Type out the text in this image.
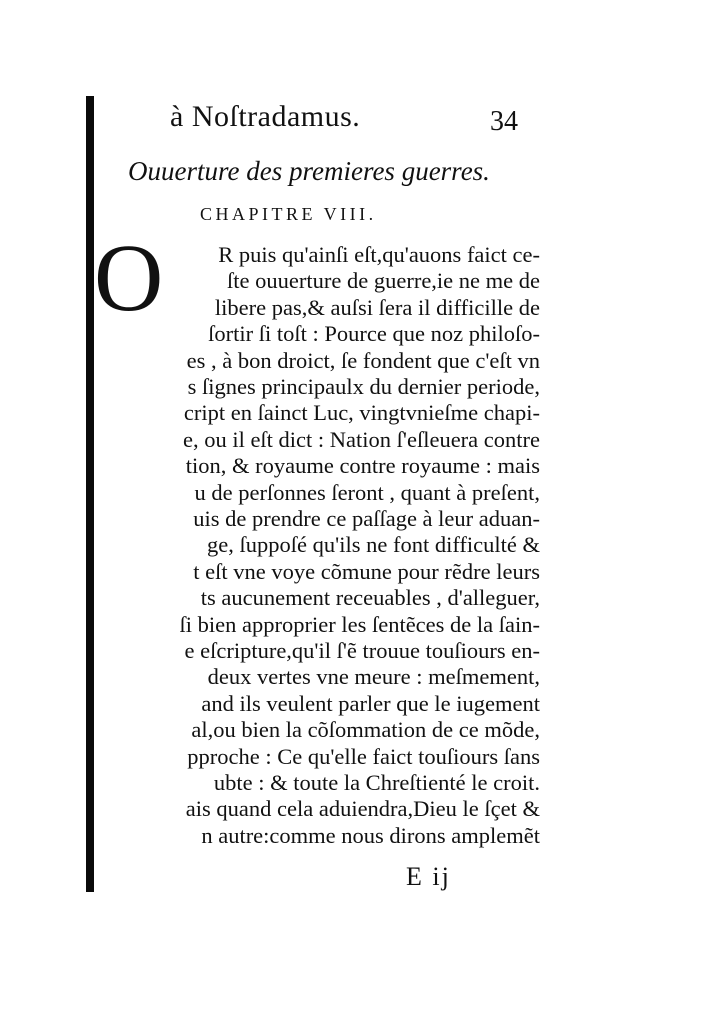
à Noſtradamus.	34
Ouuerture des premieres guerres.
CHAPITRE VIII.
O	R puis qu'ainſi eſt,qu'auons faict ce-
ſte ouuerture de guerre,ie ne me de
libere pas,& auſsi ſera il difficille de
ſortir ſi toſt : Pource que noz philoſo-
es , à bon droict, ſe fondent que c'eſt vn
s ſignes principaulx du dernier periode,
cript en ſainct Luc, vingtvnieſme chapi-
e, ou il eſt dict : Nation ſ'eſleuera contre
tion, & royaume contre royaume : mais
u de perſonnes ſeront , quant à preſent,
uis de prendre ce paſſage à leur aduan-
ge, ſuppoſé qu'ils ne font difficulté &
t eſt vne voye cõmune pour rẽdre leurs
ts aucunement receuables , d'alleguer,
ſi bien approprier les ſentẽces de la ſain-
e eſcripture,qu'il ſ'ẽ trouue touſiours en-
deux vertes vne meure : meſmement,
and ils veulent parler que le iugement
al,ou bien la cõſommation de ce mõde,
pproche : Ce qu'elle faict touſiours ſans
ubte : & toute la Chreſtienté le croit.
ais quand cela aduiendra,Dieu le ſçet &
n autre:comme nous dirons amplemẽt
E ij
